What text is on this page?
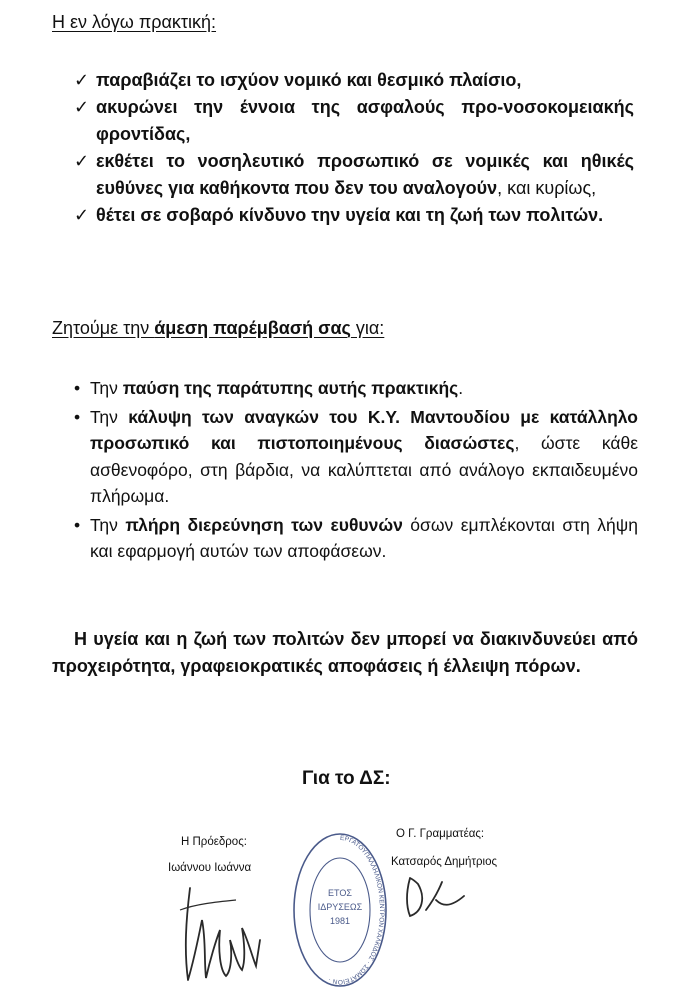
Η εν λόγω πρακτική:
✓ παραβιάζει το ισχύον νομικό και θεσμικό πλαίσιο,
✓ ακυρώνει την έννοια της ασφαλούς προ-νοσοκομειακής φροντίδας,
✓ εκθέτει το νοσηλευτικό προσωπικό σε νομικές και ηθικές ευθύνες για καθήκοντα που δεν του αναλογούν, και κυρίως,
✓ θέτει σε σοβαρό κίνδυνο την υγεία και τη ζωή των πολιτών.
Ζητούμε την άμεση παρέμβασή σας για:
• Την παύση της παράτυπης αυτής πρακτικής.
• Την κάλυψη των αναγκών του Κ.Υ. Μαντουδίου με κατάλληλο προσωπικό και πιστοποιημένους διασώστες, ώστε κάθε ασθενοφόρο, στη βάρδια, να καλύπτεται από ανάλογο εκπαιδευμένο πλήρωμα.
• Την πλήρη διερεύνηση των ευθυνών όσων εμπλέκονται στη λήψη και εφαρμογή αυτών των αποφάσεων.
Η υγεία και η ζωή των πολιτών δεν μπορεί να διακινδυνεύει από προχειρότητα, γραφειοκρατικές αποφάσεις ή έλλειψη πόρων.
Για το ΔΣ:
Η Πρόεδρος:
Ιωάννου Ιωάννα
Ο Γ. Γραμματέας:
Κατσαρός Δημήτριος
ΕΤΟΣ
ΙΔΡΥΣΕΩΣ
1981
ΕΡΓΑΤΟΥΠΑΛΛΗΛΙΚΟΝ ΚΕΝΤΡΟΝ ΧΑΛΚΙΔΟΣ · ΣΩΜΑΤΕΙΟΝ ·
